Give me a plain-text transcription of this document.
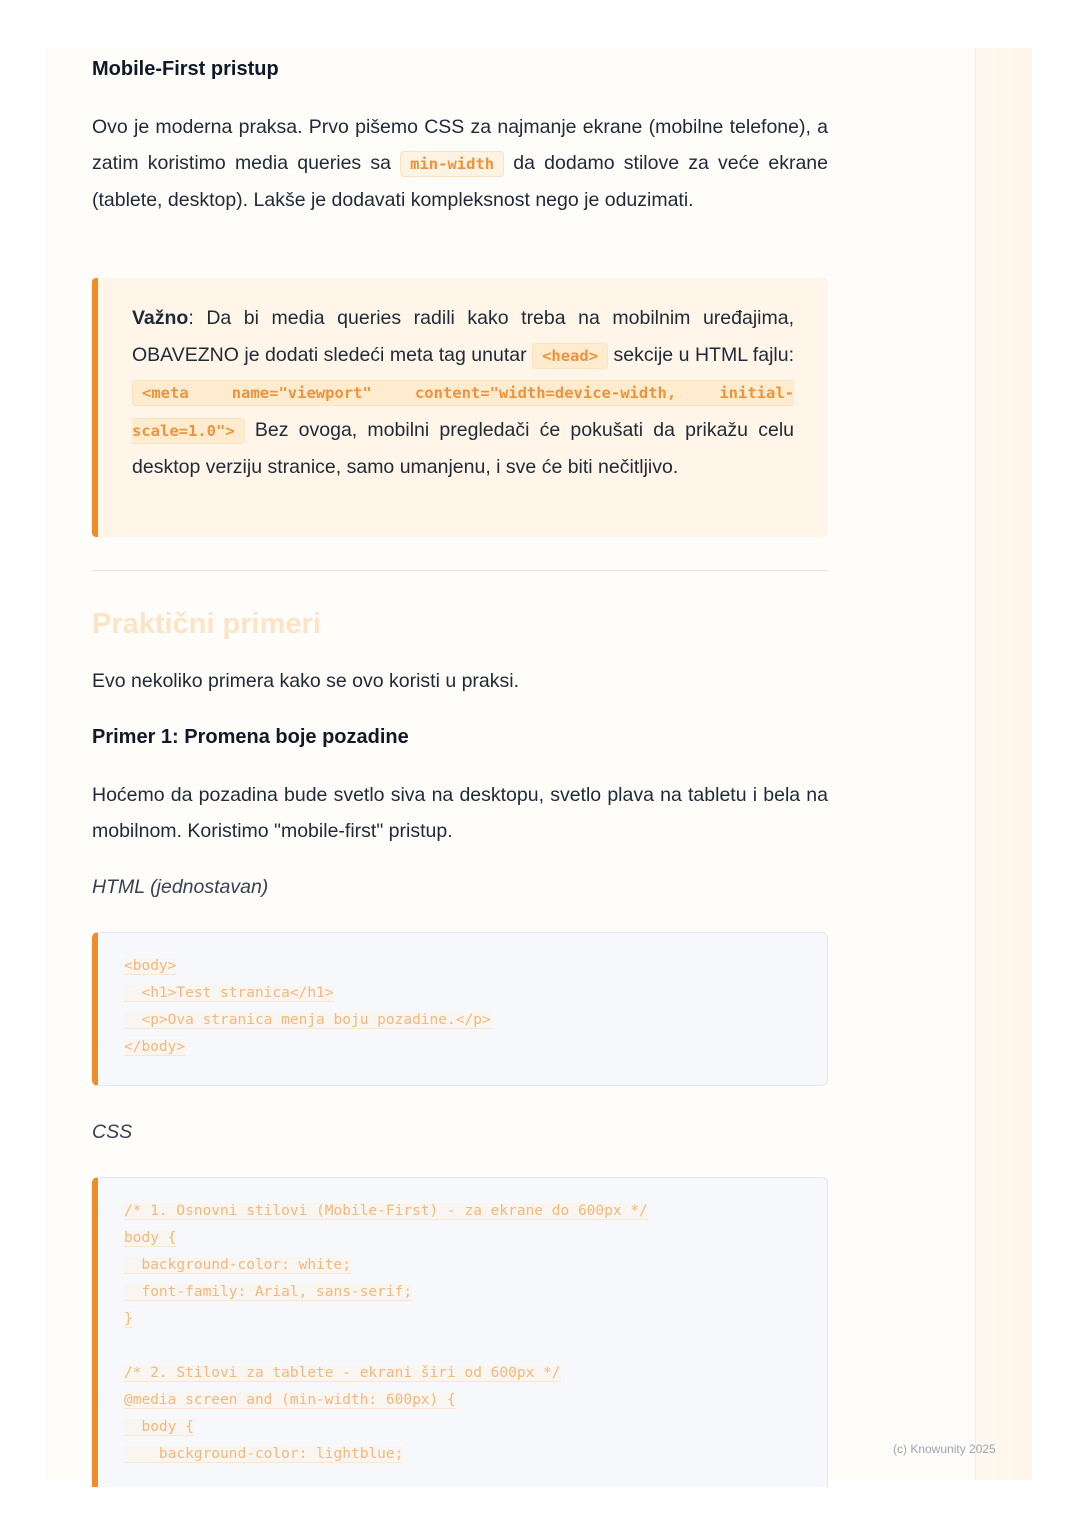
Mobile-First pristup

Ovo je moderna praksa. Prvo pišemo CSS za najmanje ekrane (mobilne telefone), a zatim koristimo media queries sa min-width da dodamo stilove za veće ekrane (tablete, desktop). Lakše je dodavati kompleksnost nego je oduzimati.

Važno: Da bi media queries radili kako treba na mobilnim uređajima, OBAVEZNO je dodati sledeći meta tag unutar <head> sekcije u HTML fajlu: <meta name="viewport" content="width=device-width, initial-scale=1.0"> Bez ovoga, mobilni pregledači će pokušati da prikažu celu desktop verziju stranice, samo umanjenu, i sve će biti nečitljivo.

Praktični primeri

Evo nekoliko primera kako se ovo koristi u praksi.

Primer 1: Promena boje pozadine

Hoćemo da pozadina bude svetlo siva na desktopu, svetlo plava na tabletu i bela na mobilnom. Koristimo "mobile-first" pristup.

HTML (jednostavan)

<body>
<h1>Test stranica</h1>
<p>Ova stranica menja boju pozadine.</p>
</body>

CSS

/* 1. Osnovni stilovi (Mobile-First) - za ekrane do 600px */
body {
background-color: white;
font-family: Arial, sans-serif;
}
/* 2. Stilovi za tablete - ekrani širi od 600px */
@media screen and (min-width: 600px) {
body {
background-color: lightblue;	(c) Knowunity 2025
